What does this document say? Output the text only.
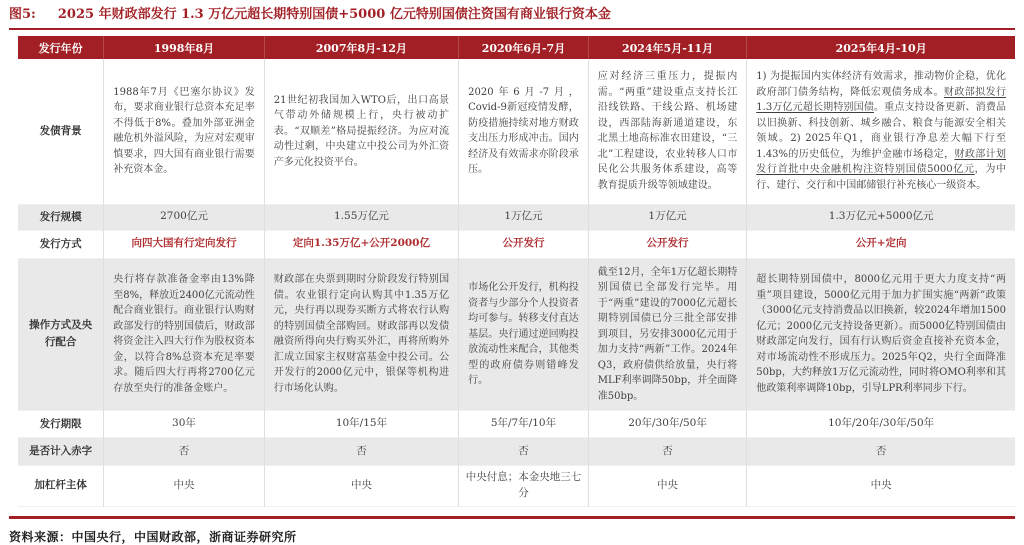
图5: 2025 年财政部发行 1.3 万亿元超长期特别国债+5000 亿元特别国债注资国有商业银行资本金
发行年份	1998年8月	2007年8月-12月	2020年6月-7月	2024年5月-11月	2025年4月-10月
发债背景	1988年7月《巴塞尔协议》发布，要求商业银行总资本充足率不得低于8%。叠加外部亚洲金融危机外溢风险，为应对宏观审慎要求，四大国有商业银行需要补充资本金。	21世纪初我国加入WTO后，出口高景气带动外储规模上行，央行被动扩表。“双顺差”格局提振经济。为应对流动性过剩，中央建立中投公司为外汇资产多元化投资平台。	2020年6月-7月，Covid-9新冠疫情发酵，防疫措施持续对地方财政支出压力形成冲击。国内经济及有效需求亦阶段承压。	应对经济三重压力，提振内需。“两重”建设重点支持长江沿线铁路、干线公路、机场建设，西部陆海新通道建设，东北黑土地高标准农田建设，“三北”工程建设，农业转移人口市民化公共服务体系建设，高等教育提质升级等领域建设。	1) 为提振国内实体经济有效需求，推动物价企稳，优化政府部门债务结构，降低宏观债务成本。财政部拟发行1.3万亿元超长期特别国债。重点支持设备更新、消费品以旧换新、科技创新、城乡融合、粮食与能源安全相关领域。2) 2025年Q1，商业银行净息差大幅下行至1.43%的历史低位，为维护金融市场稳定，财政部计划发行首批中央金融机构注资特别国债5000亿元，为中行、建行、交行和中国邮储银行补充核心一级资本。
发行规模	2700亿元	1.55万亿元	1万亿元	1万亿元	1.3万亿元+5000亿元
发行方式	向四大国有行定向发行	定向1.35万亿+公开2000亿	公开发行	公开发行	公开+定向
操作方式及央行配合	央行将存款准备金率由13%降至8%，释放近2400亿元流动性配合商业银行。商业银行认购财政部发行的特别国债后，财政部将资金注入四大行作为股权资本金，以符合8%总资本充足率要求。随后四大行再将2700亿元存放至央行的准备金账户。	财政部在央票到期时分阶段发行特别国债。农业银行定向认购其中1.35万亿元，央行再以现券买断方式将农行认购的特别国债全部购回。财政部再以发债融资所得向央行购买外汇，再将所购外汇成立国家主权财富基金中投公司。公开发行的2000亿元中，银保等机构进行市场化认购。	市场化公开发行，机构投资者与少部分个人投资者均可参与。转移支付直达基层。央行通过逆回购投放流动性来配合，其他类型的政府债券则错峰发行。	截至12月，全年1万亿超长期特别国债已全部发行完毕。用于“两重”建设的7000亿元超长期特别国债已分三批全部安排到项目，另安排3000亿元用于加力支持“两新”工作。2024年Q3，政府债供给放量，央行将MLF利率调降50bp，并全面降准50bp。	超长期特别国债中，8000亿元用于更大力度支持“两重”项目建设，5000亿元用于加力扩围实施“两新”政策（3000亿元支持消费品以旧换新，较2024年增加1500亿元；2000亿元支持设备更新）。而5000亿特别国债由财政部定向发行，国有行认购后资金直接补充资本金，对市场流动性不形成压力。2025年Q2，央行全面降准50bp，大约释放1万亿元流动性，同时将OMO利率和其他政策利率调降10bp，引导LPR利率同步下行。
发行期限	30年	10年/15年	5年/7年/10年	20年/30年/50年	10年/20年/30年/50年
是否计入赤字	否	否	否	否	否
加杠杆主体	中央	中央	中央付息；本金央地三七分	中央	中央
资料来源：中国央行，中国财政部，浙商证券研究所
